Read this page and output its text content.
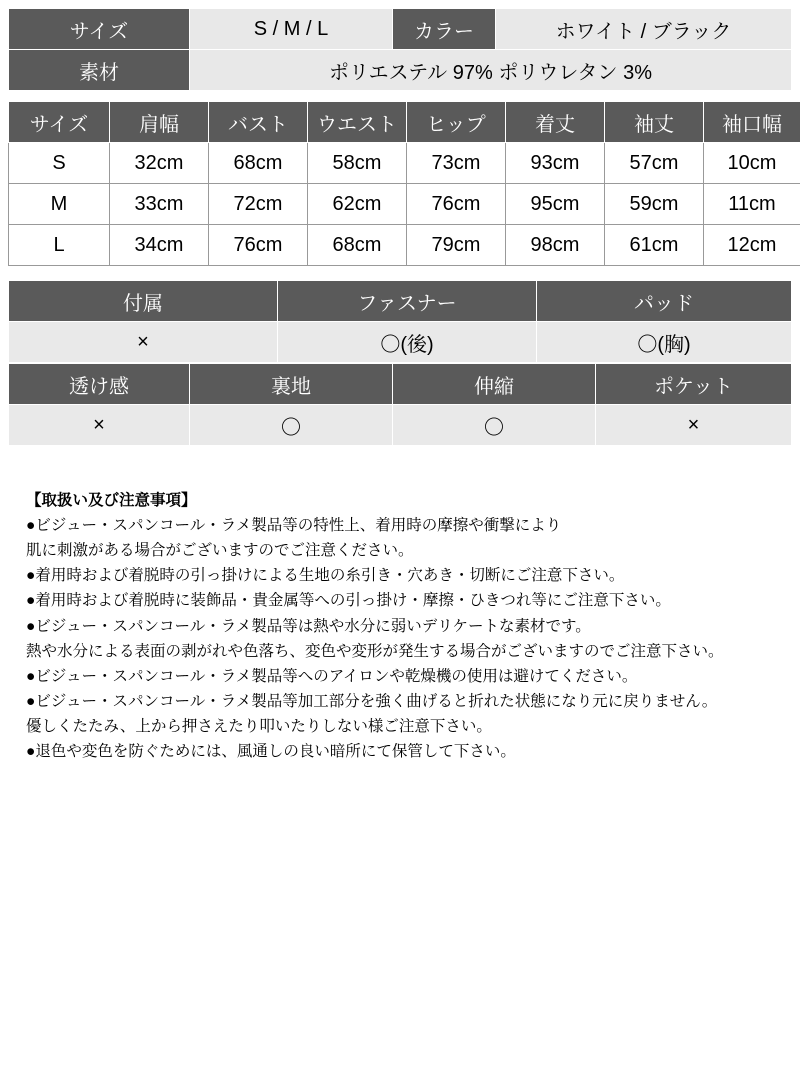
サイズ	S / M / L	カラー	ホワイト / ブラック
素材	ポリエステル 97% ポリウレタン 3%		
サイズ	肩幅	バスト	ウエスト	ヒップ	着丈	袖丈	袖口幅
S	32cm	68cm	58cm	73cm	93cm	57cm	10cm
M	33cm	72cm	62cm	76cm	95cm	59cm	11cm
L	34cm	76cm	68cm	79cm	98cm	61cm	12cm
付属	ファスナー	パッド
×	〇(後)	〇(胸)
透け感	裏地	伸縮	ポケット
×	〇	〇	×
【取扱い及び注意事項】
●ビジュー・スパンコール・ラメ製品等の特性上、着用時の摩擦や衝撃により
肌に刺激がある場合がございますのでご注意ください。
●着用時および着脱時の引っ掛けによる生地の糸引き・穴あき・切断にご注意下さい。
●着用時および着脱時に装飾品・貴金属等への引っ掛け・摩擦・ひきつれ等にご注意下さい。
●ビジュー・スパンコール・ラメ製品等は熱や水分に弱いデリケートな素材です。
熱や水分による表面の剥がれや色落ち、変色や変形が発生する場合がございますのでご注意下さい。
●ビジュー・スパンコール・ラメ製品等へのアイロンや乾燥機の使用は避けてください。
●ビジュー・スパンコール・ラメ製品等加工部分を強く曲げると折れた状態になり元に戻りません。
優しくたたみ、上から押さえたり叩いたりしない様ご注意下さい。
●退色や変色を防ぐためには、風通しの良い暗所にて保管して下さい。
